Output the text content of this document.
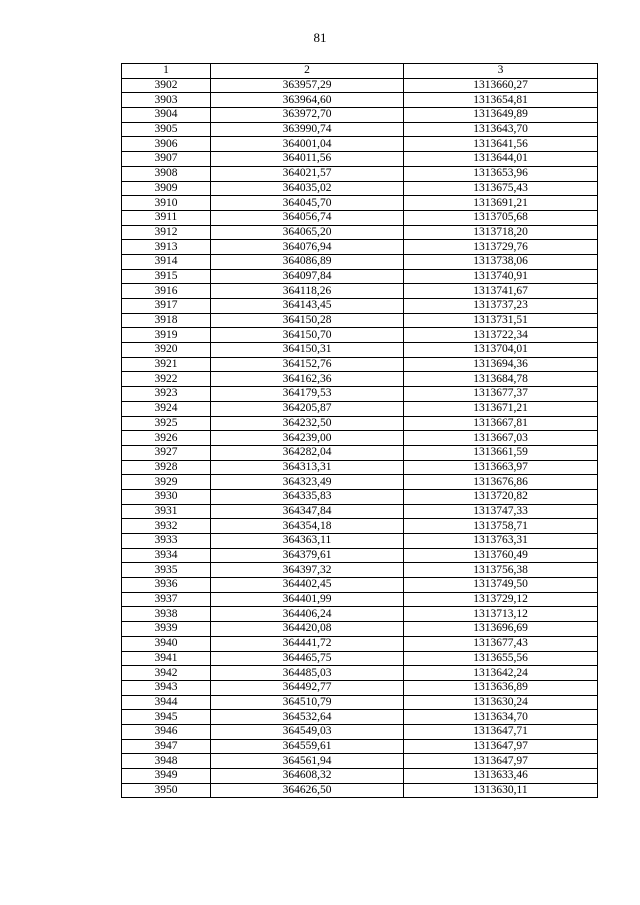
81
1	2	3
3902	363957,29	1313660,27
3903	363964,60	1313654,81
3904	363972,70	1313649,89
3905	363990,74	1313643,70
3906	364001,04	1313641,56
3907	364011,56	1313644,01
3908	364021,57	1313653,96
3909	364035,02	1313675,43
3910	364045,70	1313691,21
3911	364056,74	1313705,68
3912	364065,20	1313718,20
3913	364076,94	1313729,76
3914	364086,89	1313738,06
3915	364097,84	1313740,91
3916	364118,26	1313741,67
3917	364143,45	1313737,23
3918	364150,28	1313731,51
3919	364150,70	1313722,34
3920	364150,31	1313704,01
3921	364152,76	1313694,36
3922	364162,36	1313684,78
3923	364179,53	1313677,37
3924	364205,87	1313671,21
3925	364232,50	1313667,81
3926	364239,00	1313667,03
3927	364282,04	1313661,59
3928	364313,31	1313663,97
3929	364323,49	1313676,86
3930	364335,83	1313720,82
3931	364347,84	1313747,33
3932	364354,18	1313758,71
3933	364363,11	1313763,31
3934	364379,61	1313760,49
3935	364397,32	1313756,38
3936	364402,45	1313749,50
3937	364401,99	1313729,12
3938	364406,24	1313713,12
3939	364420,08	1313696,69
3940	364441,72	1313677,43
3941	364465,75	1313655,56
3942	364485,03	1313642,24
3943	364492,77	1313636,89
3944	364510,79	1313630,24
3945	364532,64	1313634,70
3946	364549,03	1313647,71
3947	364559,61	1313647,97
3948	364561,94	1313647,97
3949	364608,32	1313633,46
3950	364626,50	1313630,11
